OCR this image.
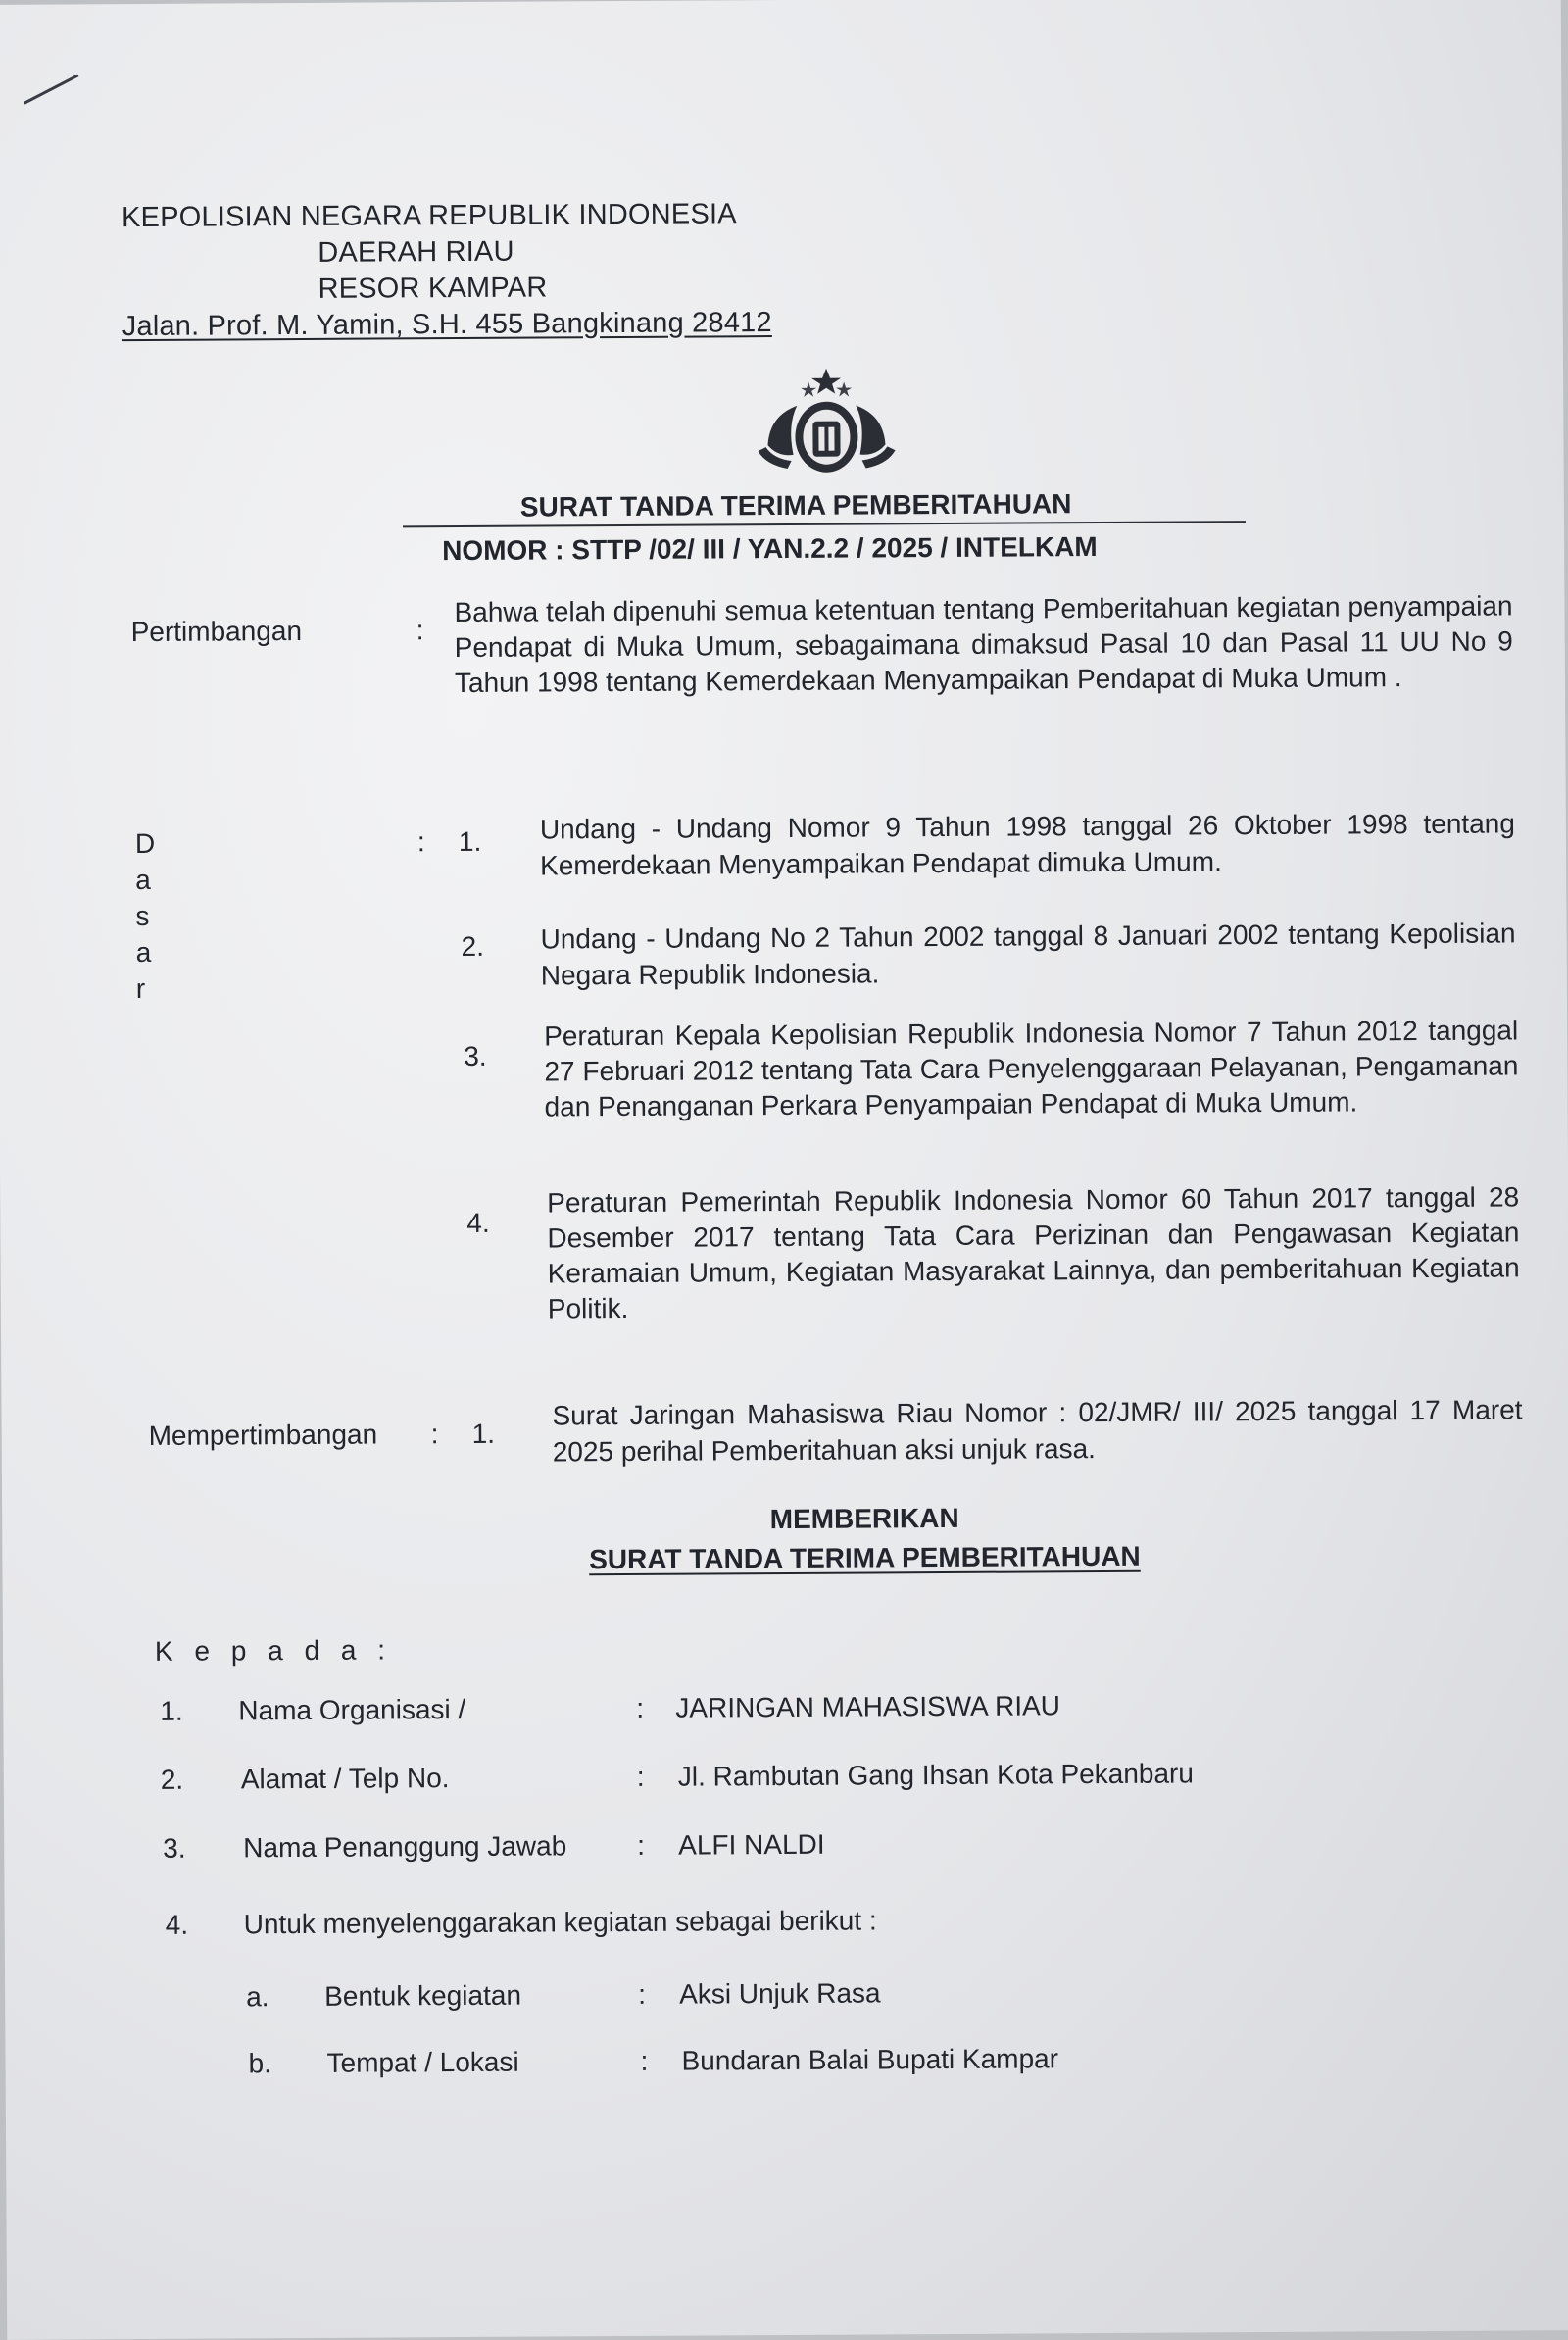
KEPOLISIAN NEGARA REPUBLIK INDONESIA
DAERAH RIAU
RESOR KAMPAR
Jalan. Prof. M. Yamin, S.H. 455 Bangkinang 28412
SURAT TANDA TERIMA PEMBERITAHUAN
NOMOR : STTP /02/ III / YAN.2.2 / 2025 / INTELKAM
Pertimbangan	:
Bahwa telah dipenuhi semua ketentuan tentang Pemberitahuan kegiatan penyampaian Pendapat di Muka Umum, sebagaimana dimaksud Pasal 10 dan Pasal 11 UU No 9 Tahun 1998 tentang Kemerdekaan Menyampaikan Pendapat di Muka Umum .
D a s a r
: 1. Undang - Undang Nomor 9 Tahun 1998 tanggal 26 Oktober 1998 tentang Kemerdekaan Menyampaikan Pendapat dimuka Umum.
2. Undang - Undang No 2 Tahun 2002 tanggal 8 Januari 2002 tentang Kepolisian Negara Republik Indonesia.
3.
Peraturan Kepala Kepolisian Republik Indonesia Nomor 7 Tahun 2012 tanggal 27 Februari 2012 tentang Tata Cara Penyelenggaraan Pelayanan, Pengamanan dan Penanganan Perkara Penyampaian Pendapat di Muka Umum.
4.
Peraturan Pemerintah Republik Indonesia Nomor 60 Tahun 2017 tanggal 28 Desember 2017 tentang Tata Cara Perizinan dan Pengawasan Kegiatan Keramaian Umum, Kegiatan Masyarakat Lainnya, dan pemberitahuan Kegiatan Politik.
Mempertimbangan : 1.
Surat Jaringan Mahasiswa Riau Nomor : 02/JMR/ III/ 2025 tanggal 17 Maret 2025 perihal Pemberitahuan aksi unjuk rasa.
MEMBERIKAN
SURAT TANDA TERIMA PEMBERITAHUAN
K e p a d a :
1. Nama Organisasi /	: JARINGAN MAHASISWA RIAU
2. Alamat / Telp No.	: Jl. Rambutan Gang Ihsan Kota Pekanbaru
3. Nama Penanggung Jawab	: ALFI NALDI
4. Untuk menyelenggarakan kegiatan sebagai berikut :
a. Bentuk kegiatan	: Aksi Unjuk Rasa
b. Tempat / Lokasi	: Bundaran Balai Bupati Kampar
